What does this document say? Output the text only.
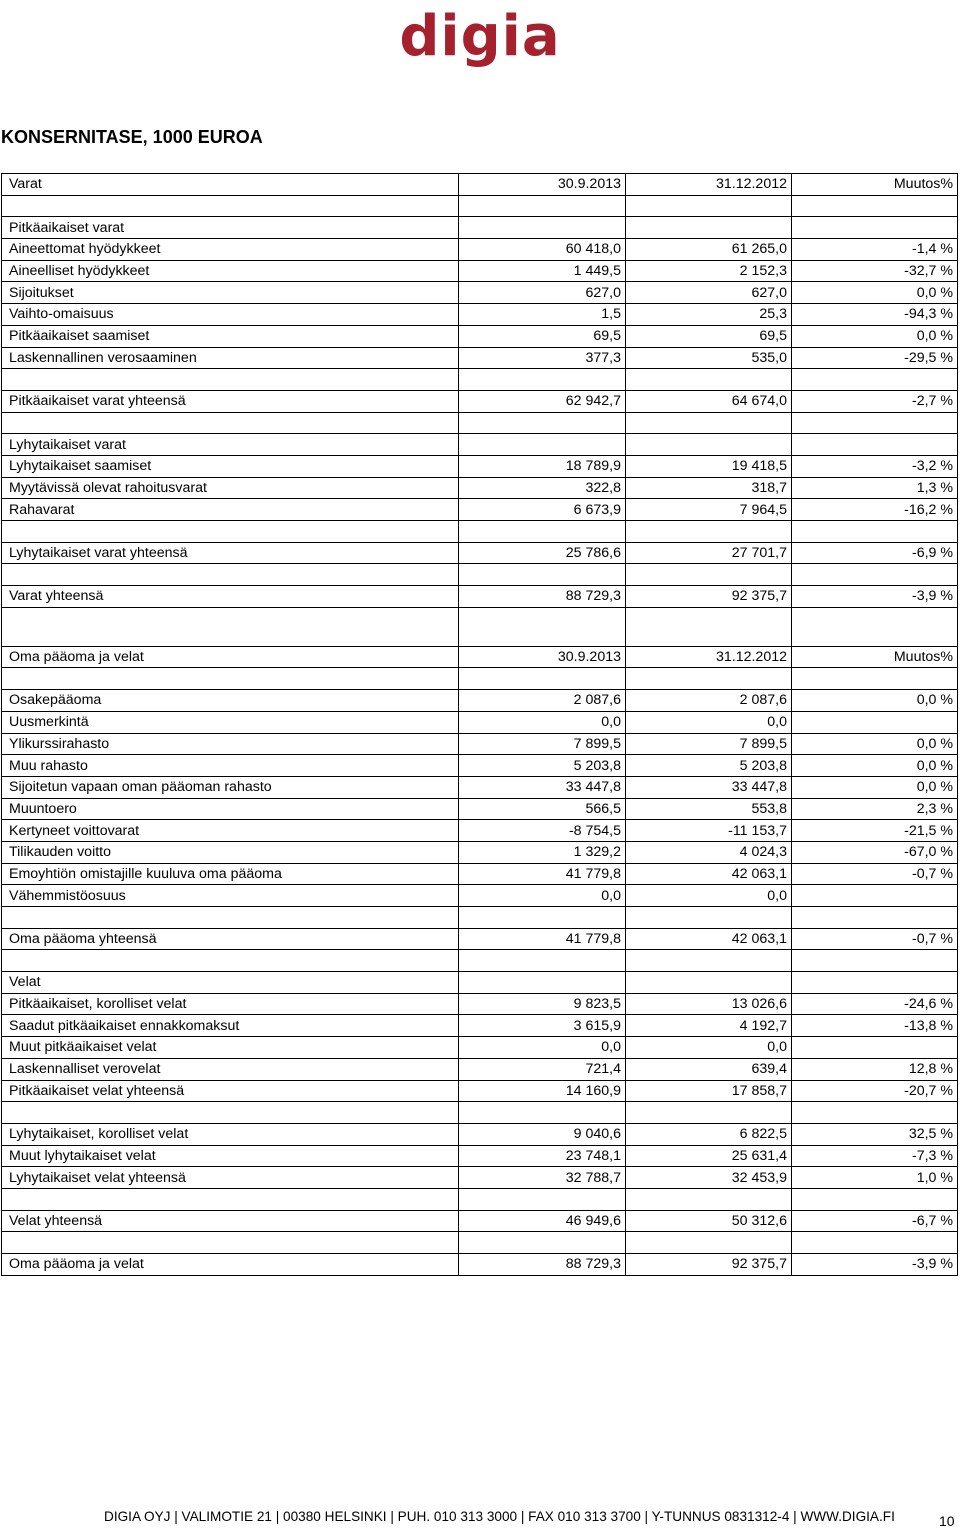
digia
KONSERNITASE, 1000 EUROA
Varat	30.9.2013	31.12.2012	Muutos%

Pitkäaikaiset varat			
Aineettomat hyödykkeet	60 418,0	61 265,0	-1,4 %
Aineelliset hyödykkeet	1 449,5	2 152,3	-32,7 %
Sijoitukset	627,0	627,0	0,0 %
Vaihto-omaisuus	1,5	25,3	-94,3 %
Pitkäaikaiset saamiset	69,5	69,5	0,0 %
Laskennallinen verosaaminen	377,3	535,0	-29,5 %

Pitkäaikaiset varat yhteensä	62 942,7	64 674,0	-2,7 %

Lyhytaikaiset varat			
Lyhytaikaiset saamiset	18 789,9	19 418,5	-3,2 %
Myytävissä olevat rahoitusvarat	322,8	318,7	1,3 %
Rahavarat	6 673,9	7 964,5	-16,2 %

Lyhytaikaiset varat yhteensä	25 786,6	27 701,7	-6,9 %

Varat yhteensä	88 729,3	92 375,7	-3,9 %

Oma pääoma ja velat	30.9.2013	31.12.2012	Muutos%

Osakepääoma	2 087,6	2 087,6	0,0 %
Uusmerkintä	0,0	0,0	
Ylikurssirahasto	7 899,5	7 899,5	0,0 %
Muu rahasto	5 203,8	5 203,8	0,0 %
Sijoitetun vapaan oman pääoman rahasto	33 447,8	33 447,8	0,0 %
Muuntoero	566,5	553,8	2,3 %
Kertyneet voittovarat	-8 754,5	-11 153,7	-21,5 %
Tilikauden voitto	1 329,2	4 024,3	-67,0 %
Emoyhtiön omistajille kuuluva oma pääoma	41 779,8	42 063,1	-0,7 %
Vähemmistöosuus	0,0	0,0	

Oma pääoma yhteensä	41 779,8	42 063,1	-0,7 %

Velat			
Pitkäaikaiset, korolliset velat	9 823,5	13 026,6	-24,6 %
Saadut pitkäaikaiset ennakkomaksut	3 615,9	4 192,7	-13,8 %
Muut pitkäaikaiset velat	0,0	0,0	
Laskennalliset verovelat	721,4	639,4	12,8 %
Pitkäaikaiset velat yhteensä	14 160,9	17 858,7	-20,7 %

Lyhytaikaiset, korolliset velat	9 040,6	6 822,5	32,5 %
Muut lyhytaikaiset velat	23 748,1	25 631,4	-7,3 %
Lyhytaikaiset velat yhteensä	32 788,7	32 453,9	1,0 %

Velat yhteensä	46 949,6	50 312,6	-6,7 %

Oma pääoma ja velat	88 729,3	92 375,7	-3,9 %
DIGIA OYJ | VALIMOTIE 21 | 00380 HELSINKI | PUH. 010 313 3000 | FAX 010 313 3700 | Y-TUNNUS 0831312-4 | WWW.DIGIA.FI	10
